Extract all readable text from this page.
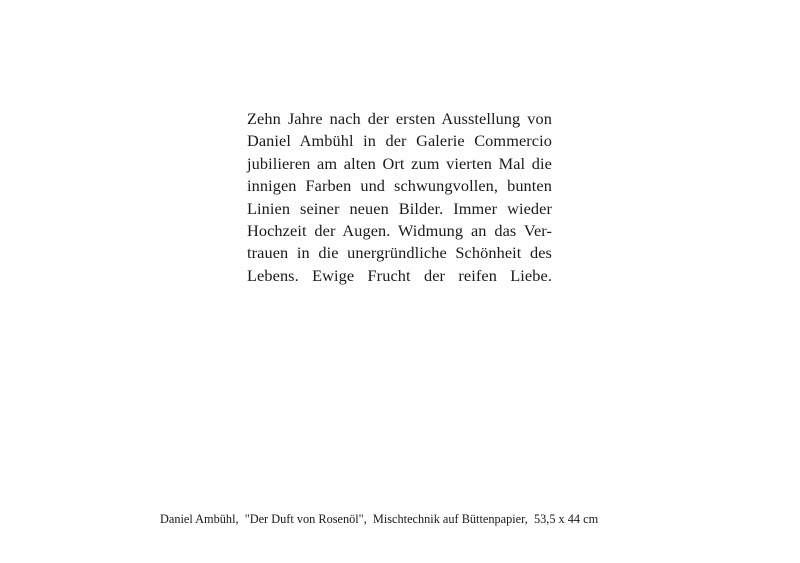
Zehn Jahre nach der ersten Ausstellung von
Daniel Ambühl in der Galerie Commercio
jubilieren am alten Ort zum vierten Mal die
innigen Farben und schwungvollen, bunten
Linien seiner neuen Bilder. Immer wieder
Hochzeit der Augen. Widmung an das Ver-
trauen in die unergründliche Schönheit des
Lebens. Ewige Frucht der reifen Liebe.
Daniel Ambühl,  "Der Duft von Rosenöl",  Mischtechnik auf Büttenpapier,  53,5 x 44 cm
